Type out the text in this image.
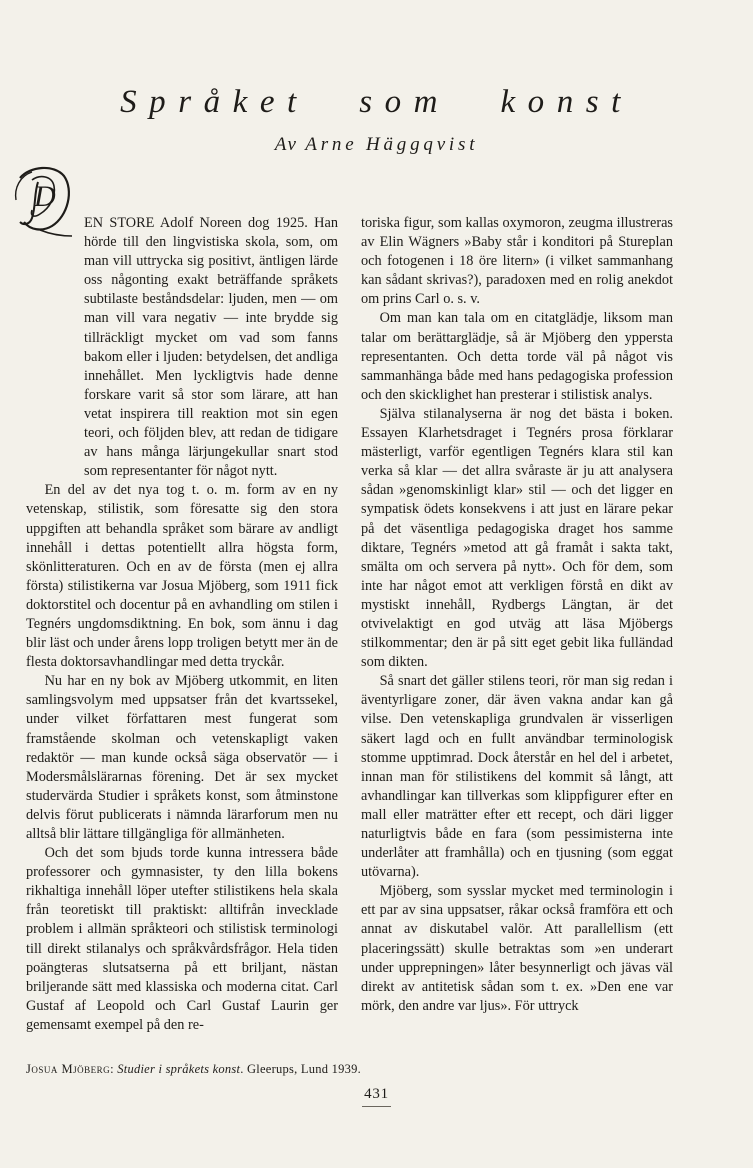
Språket som konst
Av Arne Häggqvist
D

EN STORE Adolf Noreen dog 1925. Han hörde till den lingvistiska skola, som, om man vill uttrycka sig positivt, äntligen lärde oss någonting exakt beträffande språkets subtilaste beståndsdelar: ljuden, men — om man vill vara negativ — inte brydde sig tillräckligt mycket om vad som fanns bakom eller i ljuden: betydelsen, det andliga innehållet. Men lyckligtvis hade denne forskare varit så stor som lärare, att han vetat inspirera till reaktion mot sin egen teori, och följden blev, att redan de tidigare av hans många lärjungekullar snart stod som representanter för något nytt.

En del av det nya tog t. o. m. form av en ny vetenskap, stilistik, som föresatte sig den stora uppgiften att behandla språket som bärare av andligt innehåll i dettas potentiellt allra högsta form, skönlitteraturen. Och en av de första (men ej allra första) stilistikerna var Josua Mjöberg, som 1911 fick doktorstitel och docentur på en avhandling om stilen i Tegnérs ungdomsdiktning. En bok, som ännu i dag blir läst och under årens lopp troligen betytt mer än de flesta doktorsavhandlingar med detta tryckår.

Nu har en ny bok av Mjöberg utkommit, en liten samlingsvolym med uppsatser från det kvartssekel, under vilket författaren mest fungerat som framstående skolman och vetenskapligt vaken redaktör — man kunde också säga observatör — i Modersmålslärarnas förening. Det är sex mycket studervärda Studier i språkets konst, som åtminstone delvis förut publicerats i nämnda lärarforum men nu alltså blir lättare tillgängliga för allmänheten.

Och det som bjuds torde kunna intressera både professorer och gymnasister, ty den lilla bokens rikhaltiga innehåll löper utefter stilistikens hela skala från teoretiskt till praktiskt: alltifrån invecklade problem i allmän språkteori och stilistisk terminologi till direkt stilanalys och språkvårdsfrågor. Hela tiden poängteras slutsatserna på ett briljant, nästan briljerande sätt med klassiska och moderna citat. Carl Gustaf af Leopold och Carl Gustaf Laurin ger gemensamt exempel på den re-

toriska figur, som kallas oxymoron, zeugma illustreras av Elin Wägners »Baby står i konditori på Stureplan och fotogenen i 18 öre litern» (i vilket sammanhang kan sådant skrivas?), paradoxen med en rolig anekdot om prins Carl o. s. v.

Om man kan tala om en citatglädje, liksom man talar om berättarglädje, så är Mjöberg den yppersta representanten. Och detta torde väl på något vis sammanhänga både med hans pedagogiska profession och den skicklighet han presterar i stilistisk analys.

Själva stilanalyserna är nog det bästa i boken. Essayen Klarhetsdraget i Tegnérs prosa förklarar mästerligt, varför egentligen Tegnérs klara stil kan verka så klar — det allra svåraste är ju att analysera sådan »genomskinligt klar» stil — och det ligger en sympatisk ödets konsekvens i att just en lärare pekar på det väsentliga pedagogiska draget hos samme diktare, Tegnérs »metod att gå framåt i sakta takt, smälta om och servera på nytt». Och för dem, som inte har något emot att verkligen förstå en dikt av mystiskt innehåll, Rydbergs Längtan, är det otvivelaktigt en god utväg att läsa Mjöbergs stilkommentar; den är på sitt eget gebit lika fulländad som dikten.

Så snart det gäller stilens teori, rör man sig redan i äventyrligare zoner, där även vakna andar kan gå vilse. Den vetenskapliga grundvalen är visserligen säkert lagd och en fullt användbar terminologisk stomme upptimrad. Dock återstår en hel del i arbetet, innan man för stilistikens del kommit så långt, att avhandlingar kan tillverkas som klippfigurer efter en mall eller maträtter efter ett recept, och däri ligger naturligtvis både en fara (som pessimisterna inte underlåter att framhålla) och en tjusning (som eggat utövarna).

Mjöberg, som sysslar mycket med terminologin i ett par av sina uppsatser, råkar också framföra ett och annat av diskutabel valör. Att parallellism (ett placeringssätt) skulle betraktas som »en underart under upprepningen» låter besynnerligt och jävas väl direkt av antitetisk sådan som t. ex. »Den ene var mörk, den andre var ljus». För uttryck

Josua Mjöberg: Studier i språkets konst. Gleerups, Lund 1939.
431
